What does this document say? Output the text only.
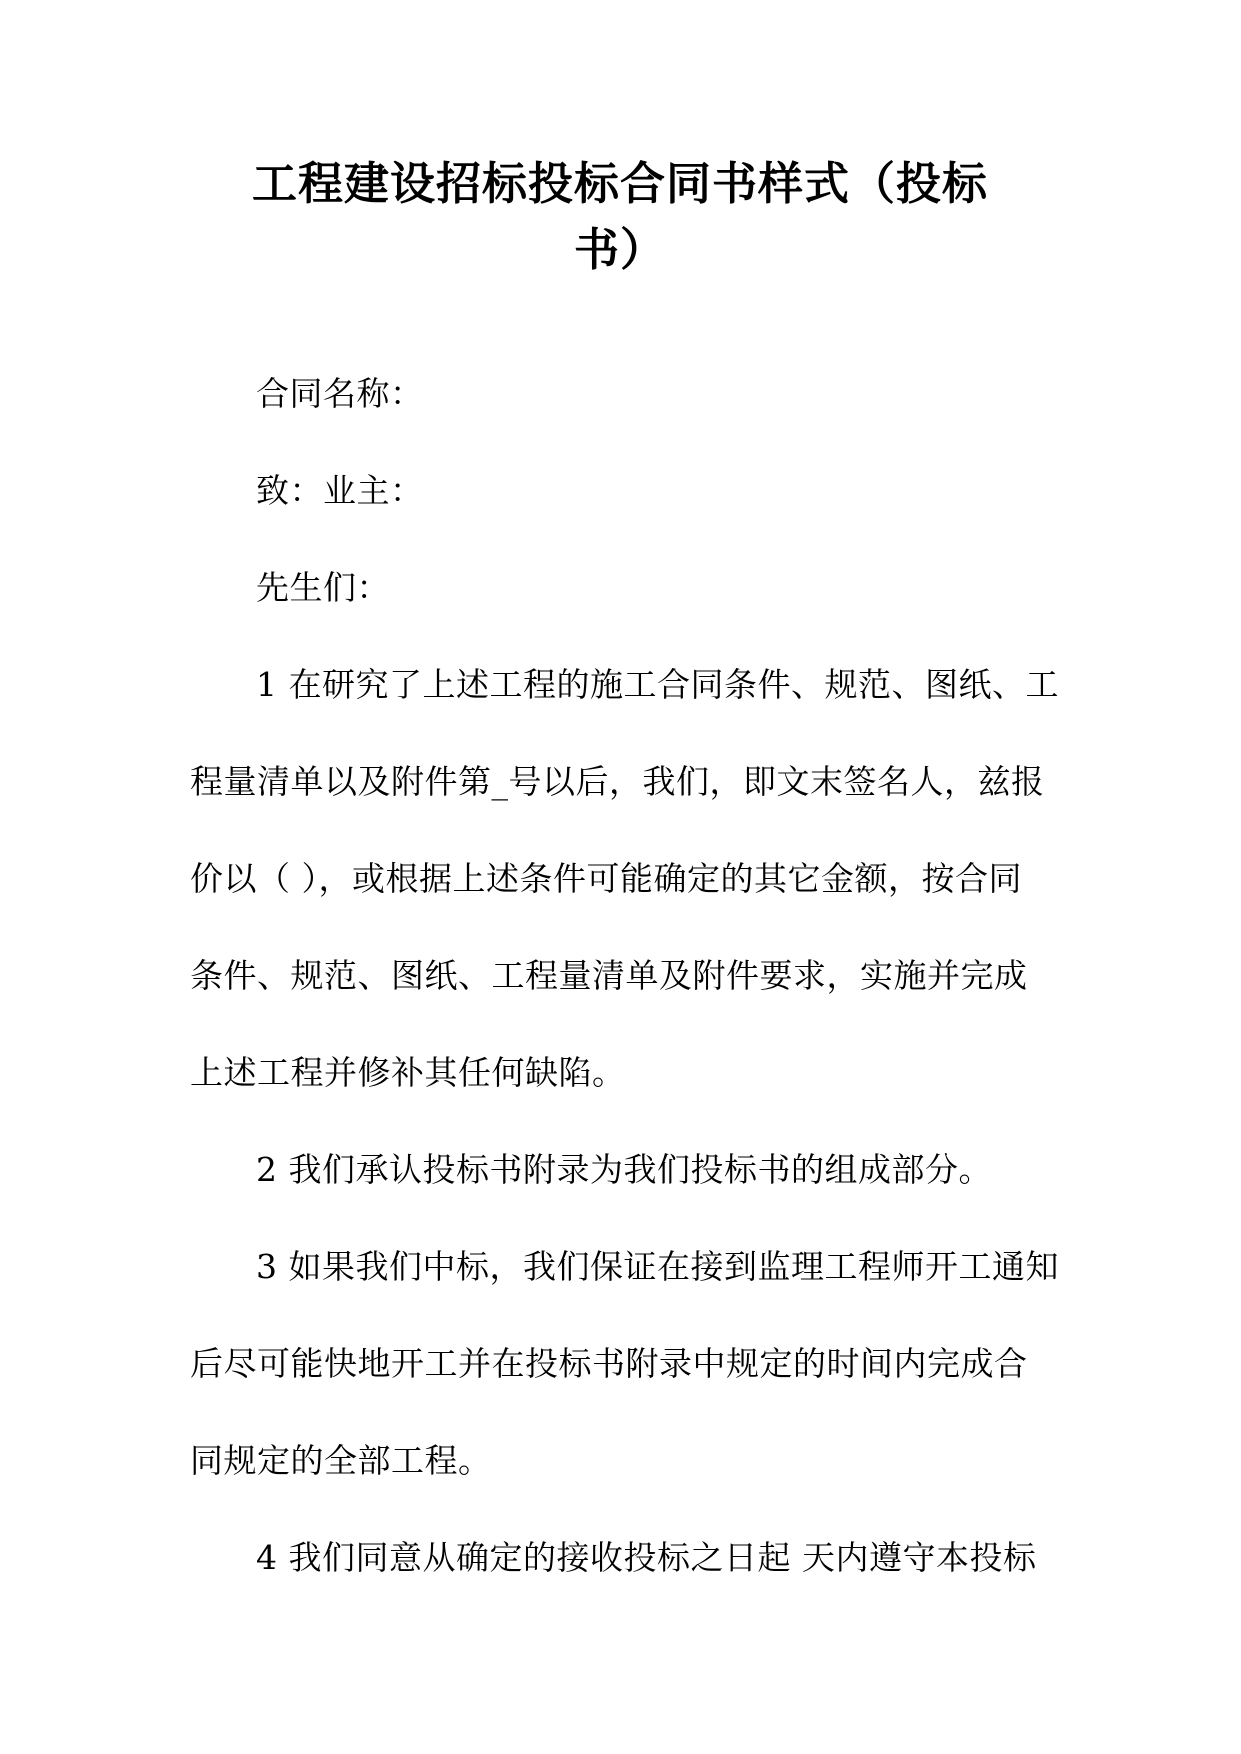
工程建设招标投标合同书样式（投标
书）
合同名称：
致：业主：
先生们：
1 在研究了上述工程的施工合同条件、规范、图纸、工
程量清单以及附件第_号以后，我们，即文末签名人，兹报
价以（ ），或根据上述条件可能确定的其它金额，按合同
条件、规范、图纸、工程量清单及附件要求，实施并完成
上述工程并修补其任何缺陷。
2 我们承认投标书附录为我们投标书的组成部分。
3 如果我们中标，我们保证在接到监理工程师开工通知
后尽可能快地开工并在投标书附录中规定的时间内完成合
同规定的全部工程。
4 我们同意从确定的接收投标之日起 天内遵守本投标
